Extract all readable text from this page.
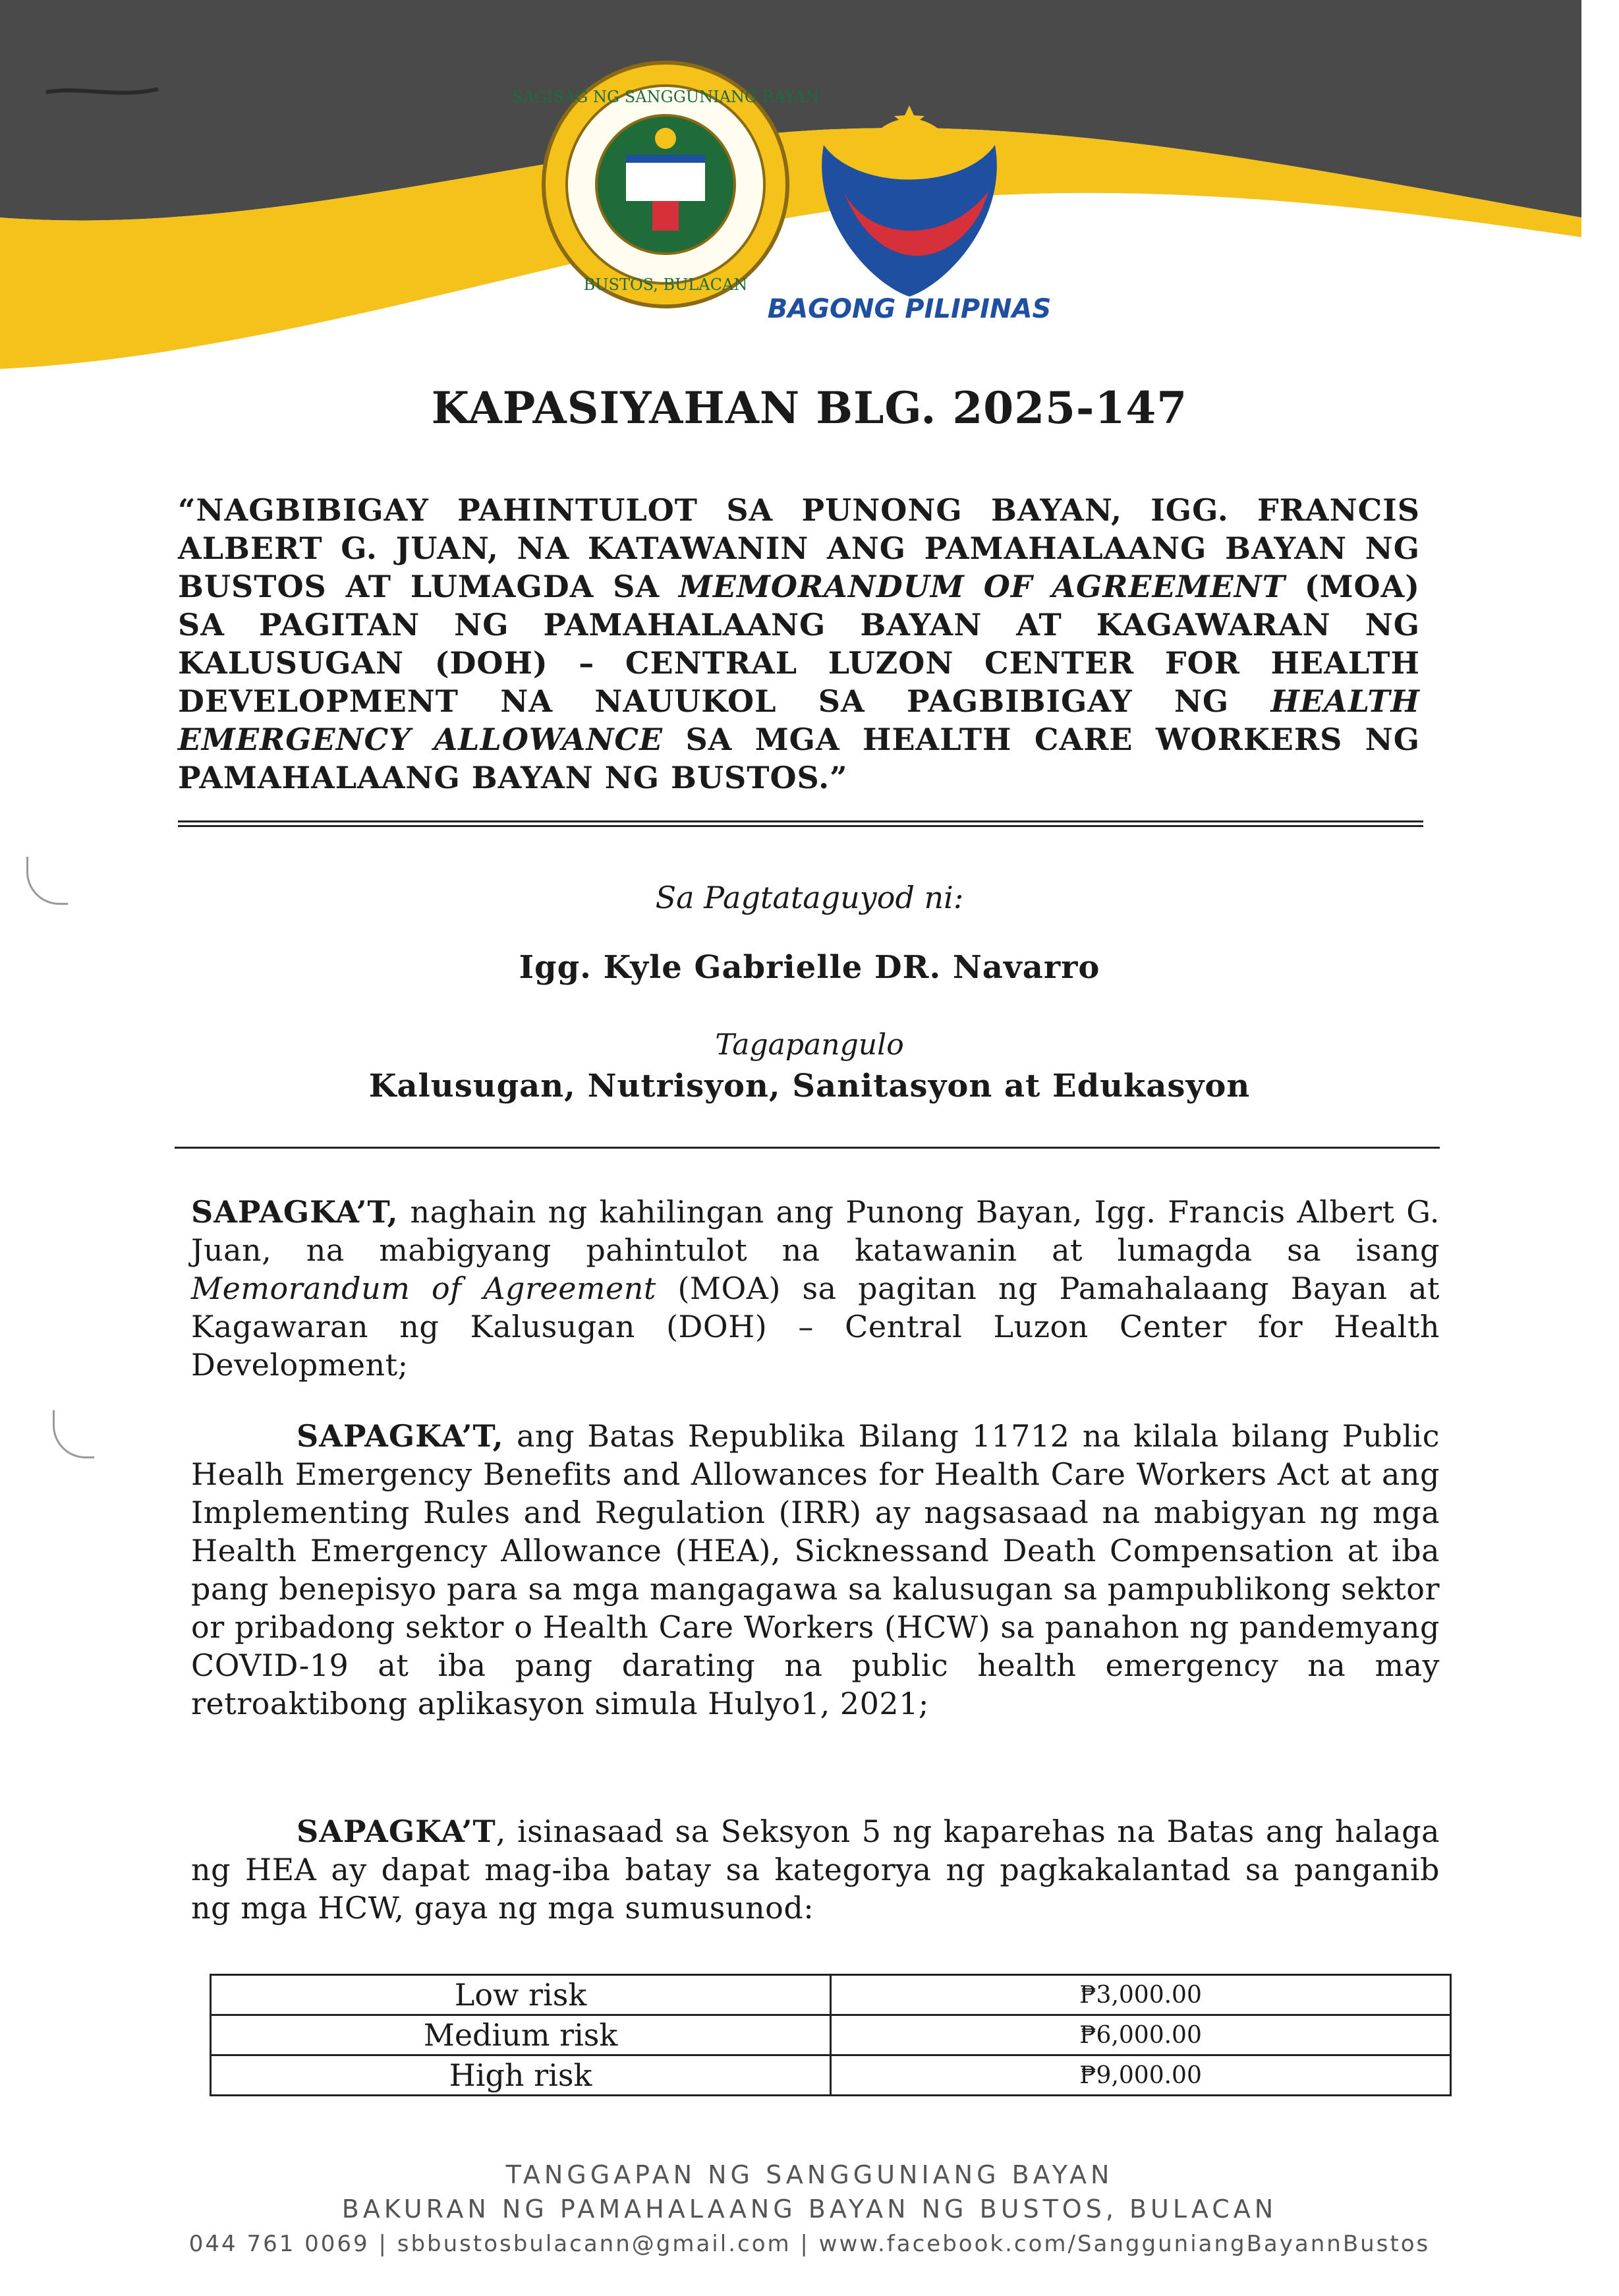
SAGISAG NG SANGGUNIANG BAYAN
BUSTOS, BULACAN
BAGONG PILIPINAS
KAPASIYAHAN BLG. 2025-147
“NAGBIBIGAY PAHINTULOT SA PUNONG BAYAN, IGG. FRANCIS ALBERT G. JUAN, NA KATAWANIN ANG PAMAHALAANG BAYAN NG BUSTOS AT LUMAGDA SA MEMORANDUM OF AGREEMENT (MOA) SA PAGITAN NG PAMAHALAANG BAYAN AT KAGAWARAN NG KALUSUGAN (DOH) – CENTRAL LUZON CENTER FOR HEALTH DEVELOPMENT NA NAUUKOL SA PAGBIBIGAY NG HEALTH EMERGENCY ALLOWANCE SA MGA HEALTH CARE WORKERS NG PAMAHALAANG BAYAN NG BUSTOS.”
Sa Pagtataguyod ni:
Igg. Kyle Gabrielle DR. Navarro
Tagapangulo
Kalusugan, Nutrisyon, Sanitasyon at Edukasyon
SAPAGKA’T, naghain ng kahilingan ang Punong Bayan, Igg. Francis Albert G. Juan, na mabigyang pahintulot na katawanin at lumagda sa isang Memorandum of Agreement (MOA) sa pagitan ng Pamahalaang Bayan at Kagawaran ng Kalusugan (DOH) – Central Luzon Center for Health Development;
SAPAGKA’T, ang Batas Republika Bilang 11712 na kilala bilang Public Healh Emergency Benefits and Allowances for Health Care Workers Act at ang Implementing Rules and Regulation (IRR) ay nagsasaad na mabigyan ng mga Health Emergency Allowance (HEA), Sicknessand Death Compensation at iba pang benepisyo para sa mga mangagawa sa kalusugan sa pampublikong sektor or pribadong sektor o Health Care Workers (HCW) sa panahon ng pandemyang COVID-19 at iba pang darating na public health emergency na may retroaktibong aplikasyon simula Hulyo1, 2021;
SAPAGKA’T, isinasaad sa Seksyon 5 ng kaparehas na Batas ang halaga ng HEA ay dapat mag-iba batay sa kategorya ng pagkakalantad sa panganib ng mga HCW, gaya ng mga sumusunod:
Low risk	₱3,000.00
Medium risk	₱6,000.00
High risk	₱9,000.00
TANGGAPAN NG SANGGUNIANG BAYAN
BAKURAN NG PAMAHALAANG BAYAN NG BUSTOS, BULACAN
044 761 0069 | sbbustosbulacann@gmail.com | www.facebook.com/SangguniangBayannBustos
